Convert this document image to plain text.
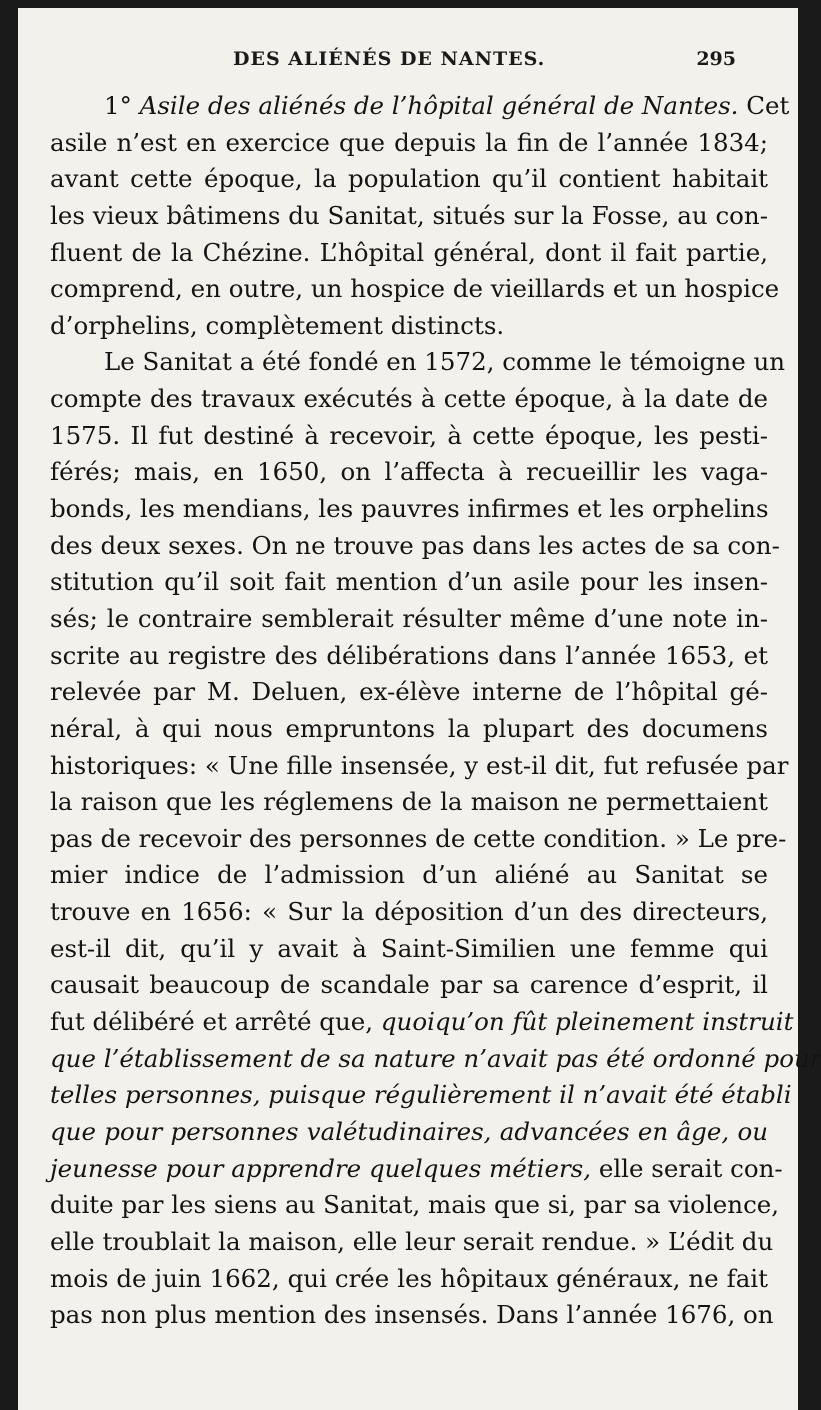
DES ALIÉNÉS DE NANTES.	295
1° Asile des aliénés de l’hôpital général de Nantes. Cet
asile n’est en exercice que depuis la fin de l’année 1834;
avant cette époque, la population qu’il contient habitait
les vieux bâtimens du Sanitat, situés sur la Fosse, au con-
fluent de la Chézine. L’hôpital général, dont il fait partie,
comprend, en outre, un hospice de vieillards et un hospice
d’orphelins, complètement distincts.
Le Sanitat a été fondé en 1572, comme le témoigne un
compte des travaux exécutés à cette époque, à la date de
1575. Il fut destiné à recevoir, à cette époque, les pesti-
férés; mais, en 1650, on l’affecta à recueillir les vaga-
bonds, les mendians, les pauvres infirmes et les orphelins
des deux sexes. On ne trouve pas dans les actes de sa con-
stitution qu’il soit fait mention d’un asile pour les insen-
sés; le contraire semblerait résulter même d’une note in-
scrite au registre des délibérations dans l’année 1653, et
relevée par M. Deluen, ex-élève interne de l’hôpital gé-
néral, à qui nous empruntons la plupart des documens
historiques: « Une fille insensée, y est-il dit, fut refusée par
la raison que les réglemens de la maison ne permettaient
pas de recevoir des personnes de cette condition. » Le pre-
mier indice de l’admission d’un aliéné au Sanitat se
trouve en 1656: « Sur la déposition d’un des directeurs,
est-il dit, qu’il y avait à Saint-Similien une femme qui
causait beaucoup de scandale par sa carence d’esprit, il
fut délibéré et arrêté que, quoiqu’on fût pleinement instruit
que l’établissement de sa nature n’avait pas été ordonné pour
telles personnes, puisque régulièrement il n’avait été établi
que pour personnes valétudinaires, advancées en âge, ou
jeunesse pour apprendre quelques métiers, elle serait con-
duite par les siens au Sanitat, mais que si, par sa violence,
elle troublait la maison, elle leur serait rendue. » L’édit du
mois de juin 1662, qui crée les hôpitaux généraux, ne fait
pas non plus mention des insensés. Dans l’année 1676, on
